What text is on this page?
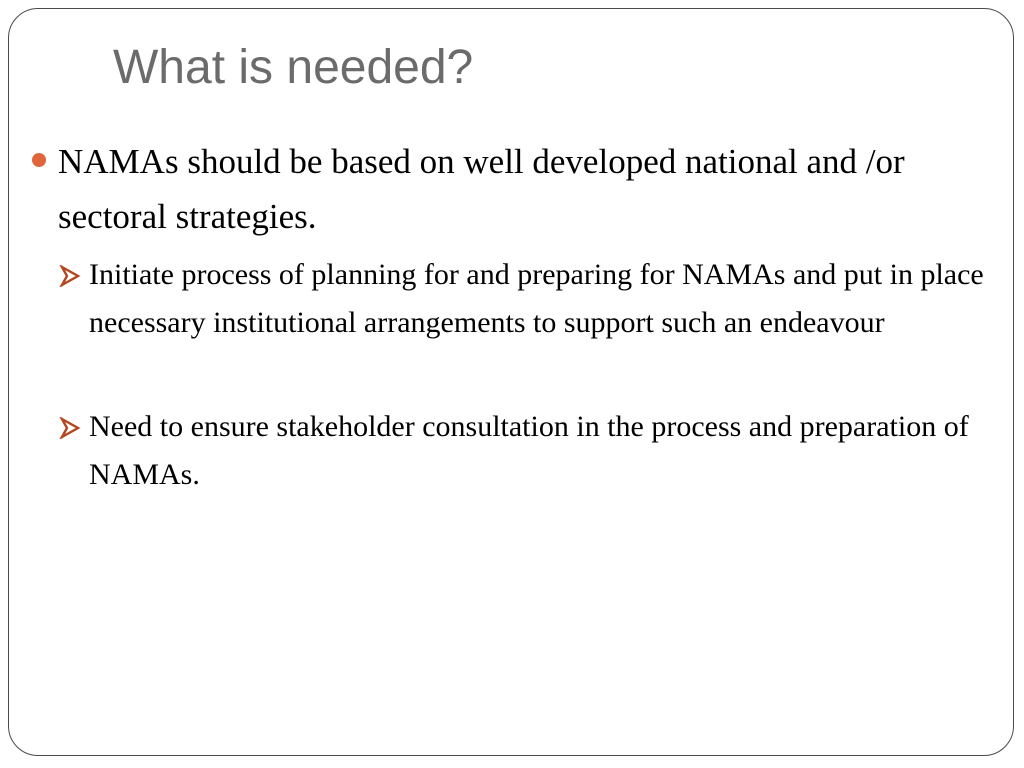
What is needed?
NAMAs should be based on well developed national and /or sectoral strategies.
Initiate process of planning for and preparing for NAMAs and put in place necessary institutional arrangements to support such an endeavour
Need to ensure stakeholder consultation in the process and preparation of NAMAs.
